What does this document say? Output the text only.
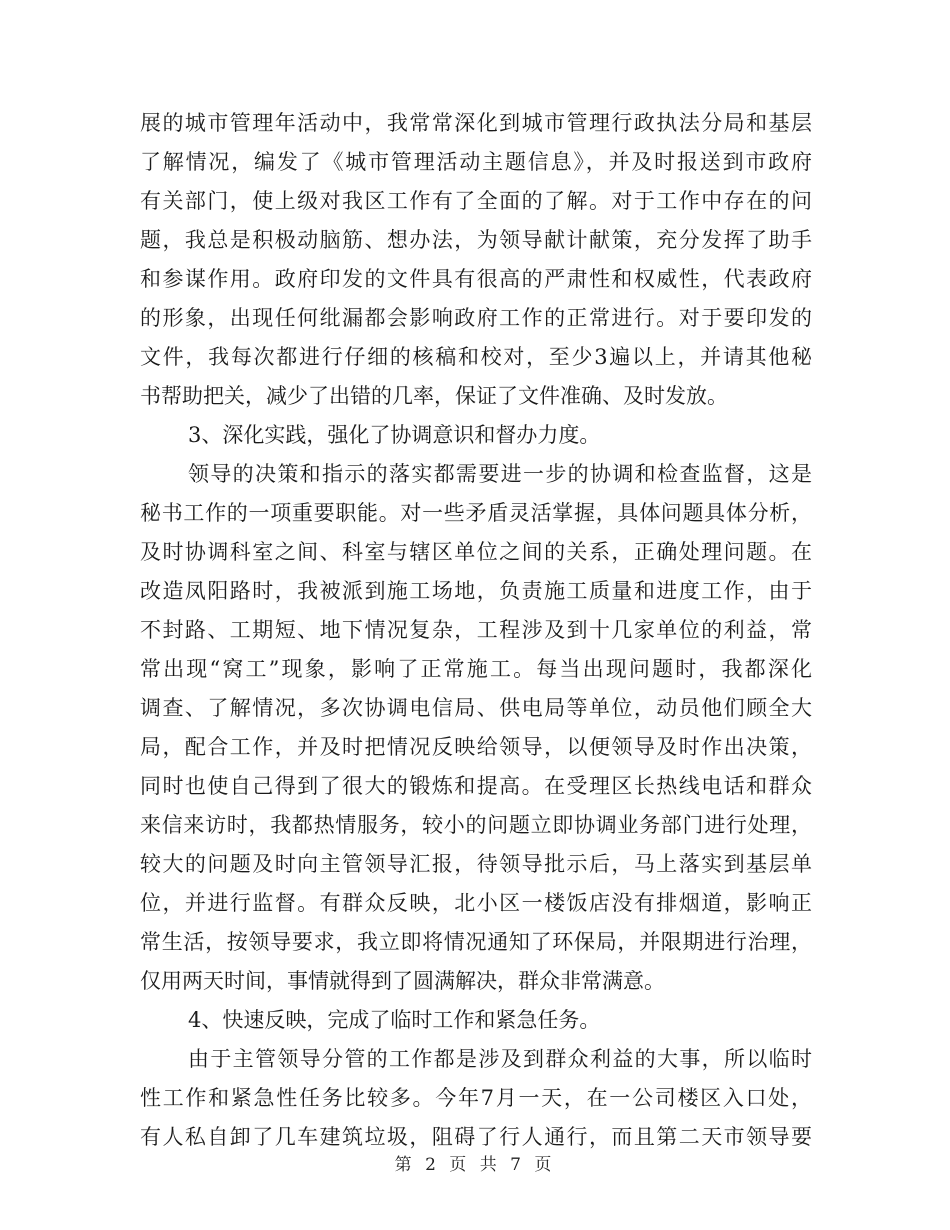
展的城市管理年活动中，我常常深化到城市管理行政执法分局和基层
了解情况，编发了《城市管理活动主题信息》，并及时报送到市政府
有关部门，使上级对我区工作有了全面的了解。对于工作中存在的问
题，我总是积极动脑筋、想办法，为领导献计献策，充分发挥了助手
和参谋作用。政府印发的文件具有很高的严肃性和权威性，代表政府
的形象，出现任何纰漏都会影响政府工作的正常进行。对于要印发的
文件，我每次都进行仔细的核稿和校对，至少3遍以上，并请其他秘
书帮助把关，减少了出错的几率，保证了文件准确、及时发放。
3、深化实践，强化了协调意识和督办力度。
领导的决策和指示的落实都需要进一步的协调和检查监督，这是
秘书工作的一项重要职能。对一些矛盾灵活掌握，具体问题具体分析，
及时协调科室之间、科室与辖区单位之间的关系，正确处理问题。在
改造凤阳路时，我被派到施工场地，负责施工质量和进度工作，由于
不封路、工期短、地下情况复杂，工程涉及到十几家单位的利益，常
常出现“窝工”现象，影响了正常施工。每当出现问题时，我都深化
调查、了解情况，多次协调电信局、供电局等单位，动员他们顾全大
局，配合工作，并及时把情况反映给领导，以便领导及时作出决策，
同时也使自己得到了很大的锻炼和提高。在受理区长热线电话和群众
来信来访时，我都热情服务，较小的问题立即协调业务部门进行处理，
较大的问题及时向主管领导汇报，待领导批示后，马上落实到基层单
位，并进行监督。有群众反映，北小区一楼饭店没有排烟道，影响正
常生活，按领导要求，我立即将情况通知了环保局，并限期进行治理，
仅用两天时间，事情就得到了圆满解决，群众非常满意。
4、快速反映，完成了临时工作和紧急任务。
由于主管领导分管的工作都是涉及到群众利益的大事，所以临时
性工作和紧急性任务比较多。今年7月一天，在一公司楼区入口处，
有人私自卸了几车建筑垃圾，阻碍了行人通行，而且第二天市领导要
第 2 页 共 7 页
